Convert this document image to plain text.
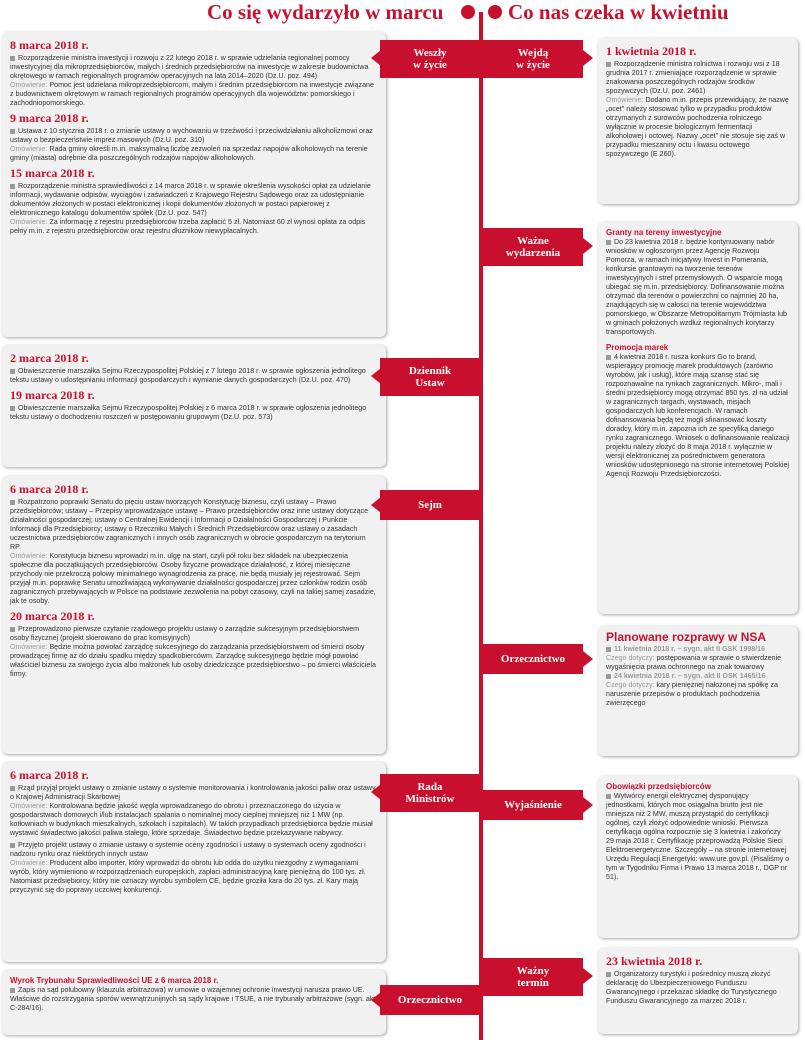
Co się wydarzyło w marcu	Co nas czeka w kwietniu
8 marca 2018 r.
Rozporządzenie ministra inwestycji i rozwoju z 22 lutego 2018 r. w sprawie udzielania regionalnej pomocy inwestycyjnej dla mikroprzedsiębiorców, małych i średnich przedsiębiorców na inwestycje w zakresie budownictwa okrętowego w ramach regionalnych programów operacyjnych na lata 2014–2020 (Dz.U. poz. 494)
Omówienie: Pomoc jest udzielana mikroprzedsiębiorcom, małym i średnim przedsiębiorcom na inwestycje związane z budownictwem okrętowym w ramach regionalnych programów operacyjnych dla województw: pomorskiego i zachodniopomorskiego.
9 marca 2018 r.
Ustawa z 10 stycznia 2018 r. o zmianie ustawy o wychowaniu w trzeźwości i przeciwdziałaniu alkoholizmowi oraz ustawy o bezpieczeństwie imprez masowych (Dz.U. poz. 310)
Omówienie: Rada gminy określi m.in. maksymalną liczbę zezwoleń na sprzedaż napojów alkoholowych na terenie gminy (miasta) odrębnie dla poszczególnych rodzajów napojów alkoholowych.
15 marca 2018 r.
Rozporządzenie ministra sprawiedliwości z 14 marca 2018 r. w sprawie określenia wysokości opłat za udzielanie informacji, wydawanie odpisów, wyciągów i zaświadczeń z Krajowego Rejestru Sądowego oraz za udostępnianie dokumentów złożonych w postaci elektronicznej i kopii dokumentów złożonych w postaci papierowej z elektronicznego katalogu dokumentów spółek (Dz.U. poz. 547)
Omówienie: Za informację z rejestru przedsiębiorców trzeba zapłacić 5 zł. Natomiast 60 zł wynosi opłata za odpis pełny m.in. z rejestru przedsiębiorców oraz rejestru dłużników niewypłacalnych.
2 marca 2018 r.
Obwieszczenie marszałka Sejmu Rzeczypospolitej Polskiej z 7 lutego 2018 r. w sprawie ogłoszenia jednolitego tekstu ustawy o udostępnianiu informacji gospodarczych i wymianie danych gospodarczych (Dz.U. poz. 470)
19 marca 2018 r.
Obwieszczenie marszałka Sejmu Rzeczypospolitej Polskiej z 6 marca 2018 r. w sprawie ogłoszenia jednolitego tekstu ustawy o dochodzeniu roszczeń w postępowaniu grupowym (Dz.U. poz. 573)
6 marca 2018 r.
Rozpatrzono poprawki Senatu do pięciu ustaw tworzących Konstytucję biznesu, czyli ustawy – Prawo przedsiębiorców; ustawy – Przepisy wprowadzające ustawę – Prawo przedsiębiorców oraz inne ustawy dotyczące działalności gospodarczej; ustawy o Centralnej Ewidencji i Informacji o Działalności Gospodarczej i Punkcie Informacji dla Przedsiębiorcy; ustawy o Rzeczniku Małych i Średnich Przedsiębiorców oraz ustawy o zasadach uczestnictwa przedsiębiorców zagranicznych i innych osób zagranicznych w obrocie gospodarczym na terytorium RP.
Omówienie: Konstytucja biznesu wprowadzi m.in. ulgę na start, czyli pół roku bez składek na ubezpieczenia społeczne dla początkujących przedsiębiorców. Osoby fizyczne prowadzące działalność, z której miesięczne przychody nie przekroczą połowy minimalnego wynagrodzenia za pracę, nie będą musiały jej rejestrować. Sejm przyjął m.in. poprawkę Senatu umożliwiającą wykonywanie działalności gospodarczej przez członków rodzin osób zagranicznych przebywających w Polsce na podstawie zezwolenia na pobyt czasowy, czyli na takiej samej zasadzie, jak te osoby.
20 marca 2018 r.
Przeprowadzono pierwsze czytanie rządowego projektu ustawy o zarządzie sukcesyjnym przedsiębiorstwem osoby fizycznej (projekt skierowano do prac komisyjnych)
Omówienie: Będzie można powołać zarządcę sukcesyjnego do zarządzania przedsiębiorstwem od śmierci osoby prowadzącej firmę aż do działu spadku między spadkobiercówm. Zarządcę sukcesyjnego będzie mógł powołać właściciel biznesu za swojego życia albo małżonek lub osoby dziedziczące przedsiębiorstwo – po śmierci właściciela firmy.
6 marca 2018 r.
Rząd przyjął projekt ustawy o zmianie ustawy o systemie monitorowania i kontrolowania jakości paliw oraz ustawy o Krajowej Administracji Skarbowej
Omówienie: Kontrolowana będzie jakość węgla wprowadzanego do obrotu i przeznaczonego do użycia w gospodarstwach domowych i/lub instalacjach spalania o nominalnej mocy cieplnej mniejszej niż 1 MW (np. kotłowniach w budynkach mieszkalnych, szkołach i szpitalach). W takich przypadkach przedsiębiorca będzie musiał wystawić świadectwo jakości paliwa stałego, które sprzedaje. Świadectwo będzie przekazywane nabywcy.
Przyjęto projekt ustawy o zmianie ustawy o systemie oceny zgodności i ustawy o systemach oceny zgodności i nadzoru rynku oraz niektórych innych ustaw
Omówienie: Producent albo importer, który wprowadzi do obrotu lub odda do użytku niezgodny z wymaganiami wyrób, który wymieniono w rozporządzeniach europejskich, zapłaci administracyjną karę pieniężną do 100 tys. zł. Natomiast przedsiębiorcy, który nie oznaczy wyrobu symbolem CE, będzie groziła kara do 20 tys. zł. Kary mają przyczynić się do poprawy uczciwej konkurencji.
Wyrok Trybunału Sprawiedliwości UE z 6 marca 2018 r.
Zapis na sąd polubowny (klauzula arbitrażowa) w umowie o wzajemnej ochronie inwestycji narusza prawo UE. Właściwe do rozstrzygania sporów wewnątrzunijnych są sądy krajowe i TSUE, a nie trybunały arbitrażowe (sygn. akt C-284/16).
1 kwietnia 2018 r.
Rozporządzenie ministra rolnictwa i rozwoju wsi z 18 grudnia 2017 r. zmieniające rozporządzenie w sprawie znakowania poszczególnych rodzajów środków spożywczych (Dz.U. poz. 2461)
Omówienie: Dodano m.in. przepis przewidujący, że nazwę „ocet" należy stosować tylko w przypadku produktów otrzymanych z surowców pochodzenia rolniczego wyłącznie w procesie biologicznym fermentacji alkoholowej i octowej. Nazwy „ocet" nie stosuje się zaś w przypadku mieszaniny octu i kwasu octowego spożywczego (E 260).
Granty na tereny inwestycyjne
Do 23 kwietnia 2018 r. będzie kontynuowany nabór wniosków w ogłoszonym przez Agencję Rozwoju Pomorza, w ramach inicjatywy Invest in Pomerania, konkursie grantowym na tworzenie terenów inwestycyjnych i stref przemysłowych. O wsparcie mogą ubiegać się m.in. przedsiębiorcy. Dofinansowanie można otrzymać dla terenów o powierzchni co najmniej 20 ha, znajdujących się w całości na terenie województwa pomorskiego, w Obszarze Metropolitarnym Trójmiasta lub w gminach położonych wzdłuż regionalnych korytarzy transportowych.
Promocja marek
4 kwietnia 2018 r. rusza konkurs Go to brand, wspierający promocję marek produktowych (zarówno wyrobów, jak i usług), które mają szansę stać się rozpoznawalne na rynkach zagranicznych. Mikro-, mali i średni przedsiębiorcy mogą otrzymać 850 tys. zł na udział w zagranicznych targach, wystawach, misjach gospodarczych lub konferencjach. W ramach dofinansowania będą też mogli sfinansować koszty doradcy, który m.in. zapozna ich ze specyfiką danego rynku zagranicznego. Wniosek o dofinansowanie realizacji projektu należy złożyć do 8 maja 2018 r. wyłącznie w wersji elektronicznej za pośrednictwem generatora wniosków udostępnionego na stronie internetowej Polskiej Agencji Rozwoju Przedsiębiorczości.
Planowane rozprawy w NSA
11 kwietnia 2018 r. – sygn. akt II GSK 1998/16
Czego dotyczy: postępowania w sprawie o stwierdzenie wygaśnięcia prawa ochronnego na znak towarowy
24 kwietnia 2018 r. – sygn. akt II OSK 1465/16
Czego dotyczy: kary pieniężnej nałożonej na spółkę za naruszenie przepisów o produktach pochodzenia zwierzęcego
Obowiązki przedsiębiorców
Wytwórcy energii elektrycznej dysponujący jednostkami, których moc osiągalna brutto jest nie mniejsza niż 2 MW, muszą przystąpić do certyfikacji ogólnej, czyli złożyć odpowiednie wnioski. Pierwsza certyfikacja ogólna rozpocznie się 3 kwietnia i zakończy 29 maja 2018 r. Certyfikację przeprowadzą Polskie Sieci Elektroenergetyczne. Szczegóły – na stronie internetowej Urzędu Regulacji Energetyki: www.ure.gov.pl. (Pisaliśmy o tym w Tygodniku Firma i Prawo 13 marca 2018 r., DGP nr 51).
23 kwietnia 2018 r.
Organizatorzy turystyki i pośrednicy muszą złożyć deklarację do Ubezpieczeniowego Funduszu Gwarancyjnego i przekazać składkę do Turystycznego Funduszu Gwarancyjnego za marzec 2018 r.
Weszły
w życie
Wejdą
w życie
Ważne
wydarzenia
Dziennik
Ustaw
Sejm
Orzecznictwo
Rada
Ministrów	Wyjaśnienie
Ważny
termin
Orzecznictwo
